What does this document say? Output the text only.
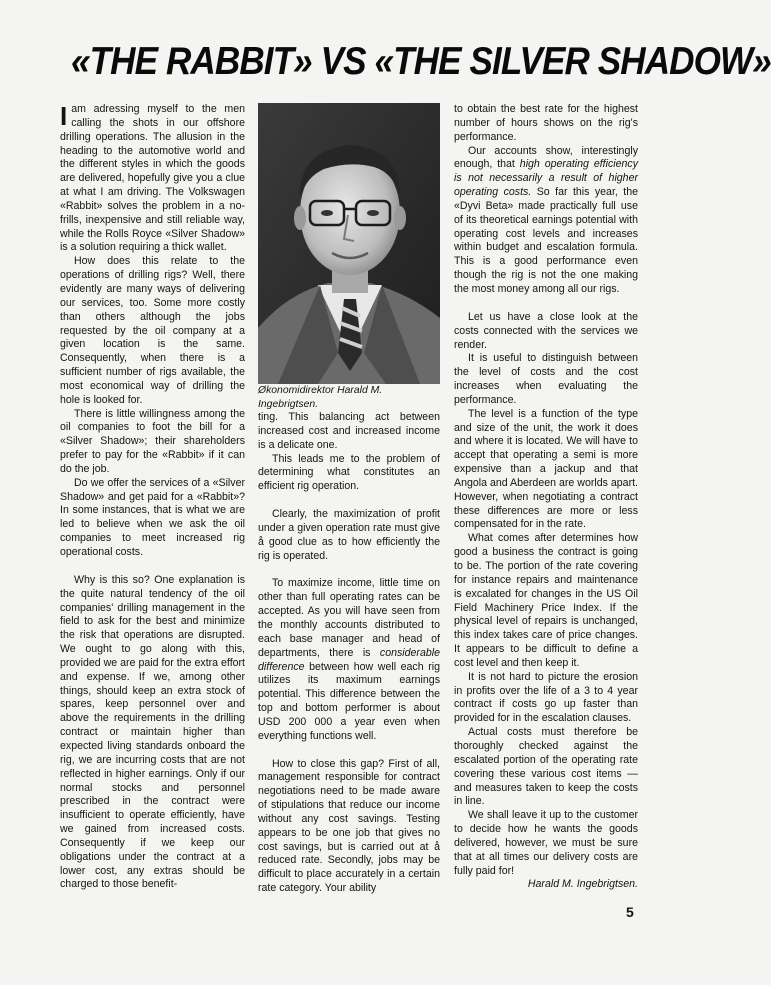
«THE RABBIT» VS «THE SILVER SHADOW»

Iam adressing myself to the men calling the shots in our offshore drilling operations. The allusion in the heading to the automotive world and the different styles in which the goods are delivered, hopefully give you a clue at what I am driving. The Volkswagen «Rabbit» solves the problem in a no-frills, inexpensive and still reliable way, while the Rolls Royce «Silver Shadow» is a solution requiring a thick wallet.

How does this relate to the operations of drilling rigs? Well, there evidently are many ways of delivering our services, too. Some more costly than others although the jobs requested by the oil company at a given location is the same. Consequently, when there is a sufficient number of rigs available, the most economical way of drilling the hole is looked for.

There is little willingness among the oil companies to foot the bill for a «Silver Shadow»; their shareholders prefer to pay for the «Rabbit» if it can do the job.

Do we offer the services of a «Silver Shadow» and get paid for a «Rabbit»? In some instances, that is what we are led to believe when we ask the oil companies to meet increased rig operational costs.

Why is this so? One explanation is the quite natural tendency of the oil companies' drilling management in the field to ask for the best and minimize the risk that operations are disrupted. We ought to go along with this, provided we are paid for the extra effort and expense. If we, among other things, should keep an extra stock of spares, keep personnel over and above the requirements in the drilling contract or maintain higher than expected living standards onboard the rig, we are incurring costs that are not reflected in higher earnings. Only if our normal stocks and personnel prescribed in the contract were insufficient to operate efficiently, have we gained from increased costs. Consequently if we keep our obligations under the contract at a lower cost, any extras should be charged to those benefit-

Økonomidirektor Harald M. Ingebrigtsen.

ting. This balancing act between increased cost and increased income is a delicate one.

This leads me to the problem of determining what constitutes an efficient rig operation.

Clearly, the maximization of profit under a given operation rate must give å good clue as to how efficiently the rig is operated.

To maximize income, little time on other than full operating rates can be accepted. As you will have seen from the monthly accounts distributed to each base manager and head of departments, there is considerable difference between how well each rig utilizes its maximum earnings potential. This difference between the top and bottom performer is about USD 200 000 a year even when everything functions well.

How to close this gap? First of all, management responsible for contract negotiations need to be made aware of stipulations that reduce our income without any cost savings. Testing appears to be one job that gives no cost savings, but is carried out at å reduced rate. Secondly, jobs may be difficult to place accurately in a certain rate category. Your ability

to obtain the best rate for the highest number of hours shows on the rig's performance.

Our accounts show, interestingly enough, that high operating efficiency is not necessarily a result of higher operating costs. So far this year, the «Dyvi Beta» made practically full use of its theoretical earnings potential with operating cost levels and increases within budget and escalation formula. This is a good performance even though the rig is not the one making the most money among all our rigs.

Let us have a close look at the costs connected with the services we render.

It is useful to distinguish between the level of costs and the cost increases when evaluating the performance.

The level is a function of the type and size of the unit, the work it does and where it is located. We will have to accept that operating a semi is more expensive than a jackup and that Angola and Aberdeen are worlds apart. However, when negotiating a contract these differences are more or less compensated for in the rate.

What comes after determines how good a business the contract is going to be. The portion of the rate covering for instance repairs and maintenance is excalated for changes in the US Oil Field Machinery Price Index. If the physical level of repairs is unchanged, this index takes care of price changes. It appears to be difficult to define a cost level and then keep it.

It is not hard to picture the erosion in profits over the life of a 3 to 4 year contract if costs go up faster than provided for in the escalation clauses.

Actual costs must therefore be thoroughly checked against the escalated portion of the operating rate covering these various cost items — and measures taken to keep the costs in line.

We shall leave it up to the customer to decide how he wants the goods delivered, however, we must be sure that at all times our delivery costs are fully paid for!

Harald M. Ingebrigtsen.

5
